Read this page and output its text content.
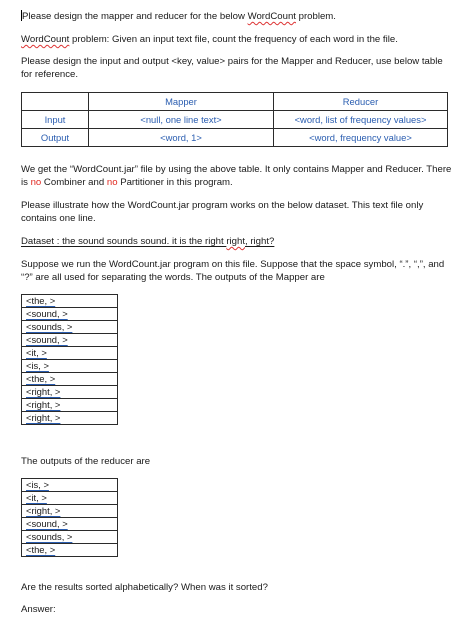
Please design the mapper and reducer for the below WordCount problem.

WordCount problem: Given an input text file, count the frequency of each word in the file.

Please design the input and output <key, value> pairs for the Mapper and Reducer, use below table for reference.

	Mapper	Reducer
Input	<null, one line text>	<word, list of frequency values>
Output	<word, 1>	<word, frequency value>

We get the “WordCount.jar” file by using the above table. It only contains Mapper and Reducer. There is no Combiner and no Partitioner in this program.

Please illustrate how the WordCount.jar program works on the below dataset. This text file only contains one line.

Dataset : the sound sounds sound. it is the right right, right?

Suppose we run the WordCount.jar program on this file. Suppose that the space symbol, “.”, “,”, and “?” are all used for separating the words. The outputs of the Mapper are

<the, >
<sound, >
<sounds, >
<sound, >
<it, >
<is, >
<the, >
<right, >
<right, >
<right, >

The outputs of the reducer are

<is, >
<it, >
<right, >
<sound, >
<sounds, >
<the, >

Are the results sorted alphabetically? When was it sorted?

Answer:
